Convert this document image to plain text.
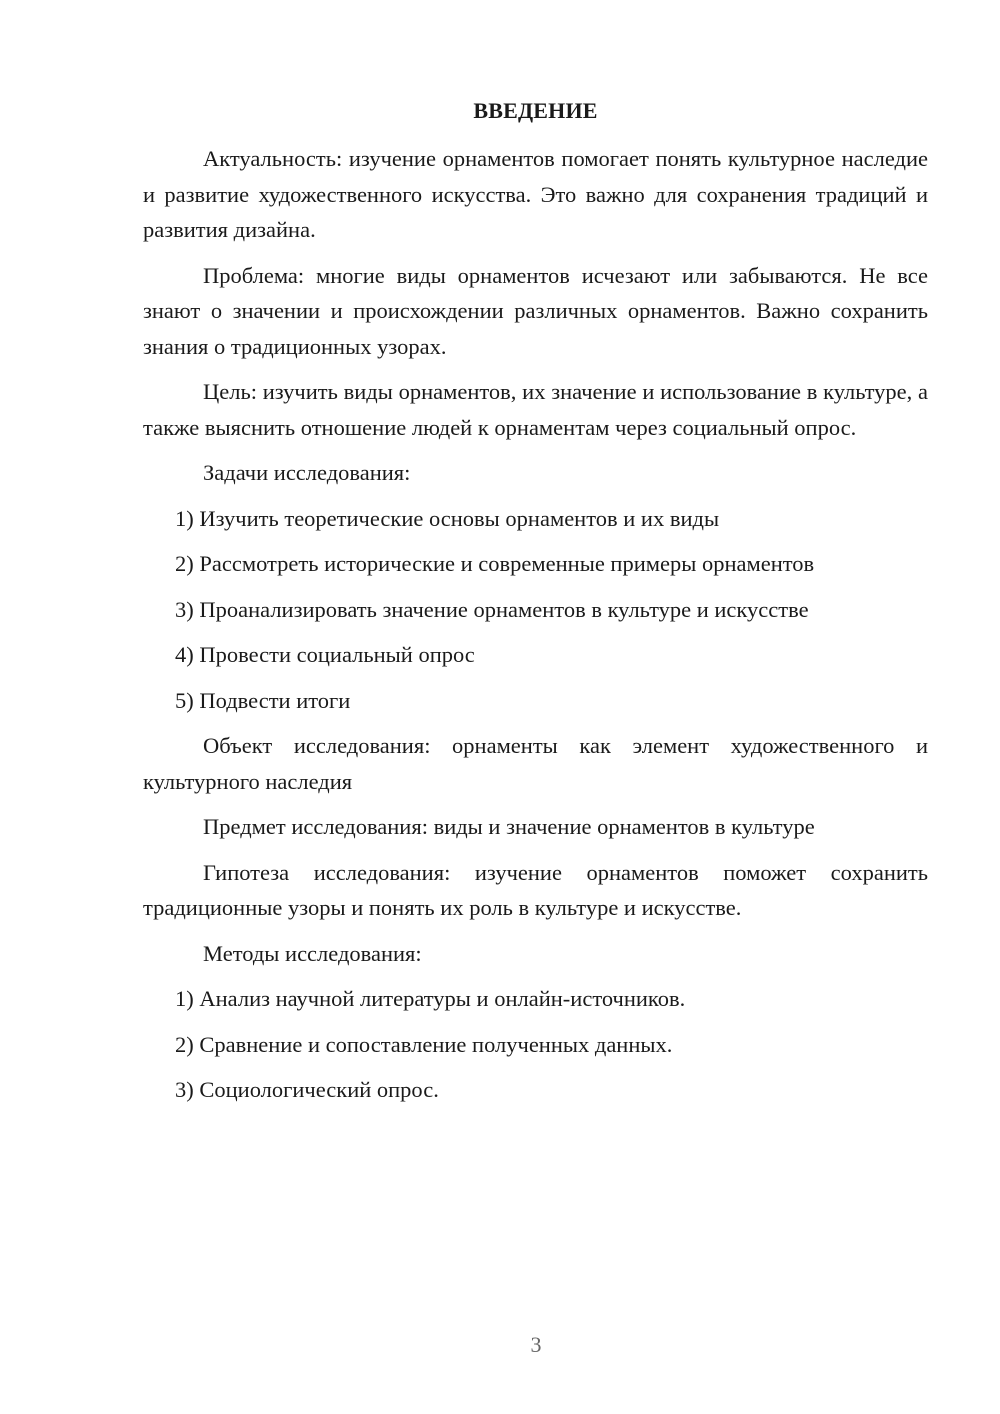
ВВЕДЕНИЕ

Актуальность: изучение орнаментов помогает понять культурное наследие и развитие художественного искусства. Это важно для сохранения традиций и развития дизайна.

Проблема: многие виды орнаментов исчезают или забываются. Не все знают о значении и происхождении различных орнаментов. Важно сохранить знания о традиционных узорах.

Цель: изучить виды орнаментов, их значение и использование в культуре, а также выяснить отношение людей к орнаментам через социальный опрос.

Задачи исследования:

1) Изучить теоретические основы орнаментов и их виды
2) Рассмотреть исторические и современные примеры орнаментов
3) Проанализировать значение орнаментов в культуре и искусстве
4) Провести социальный опрос
5) Подвести итоги

Объект исследования: орнаменты как элемент художественного и культурного наследия

Предмет исследования: виды и значение орнаментов в культуре

Гипотеза исследования: изучение орнаментов поможет сохранить традиционные узоры и понять их роль в культуре и искусстве.

Методы исследования:

1) Анализ научной литературы и онлайн-источников.
2) Сравнение и сопоставление полученных данных.
3) Социологический опрос.
3
